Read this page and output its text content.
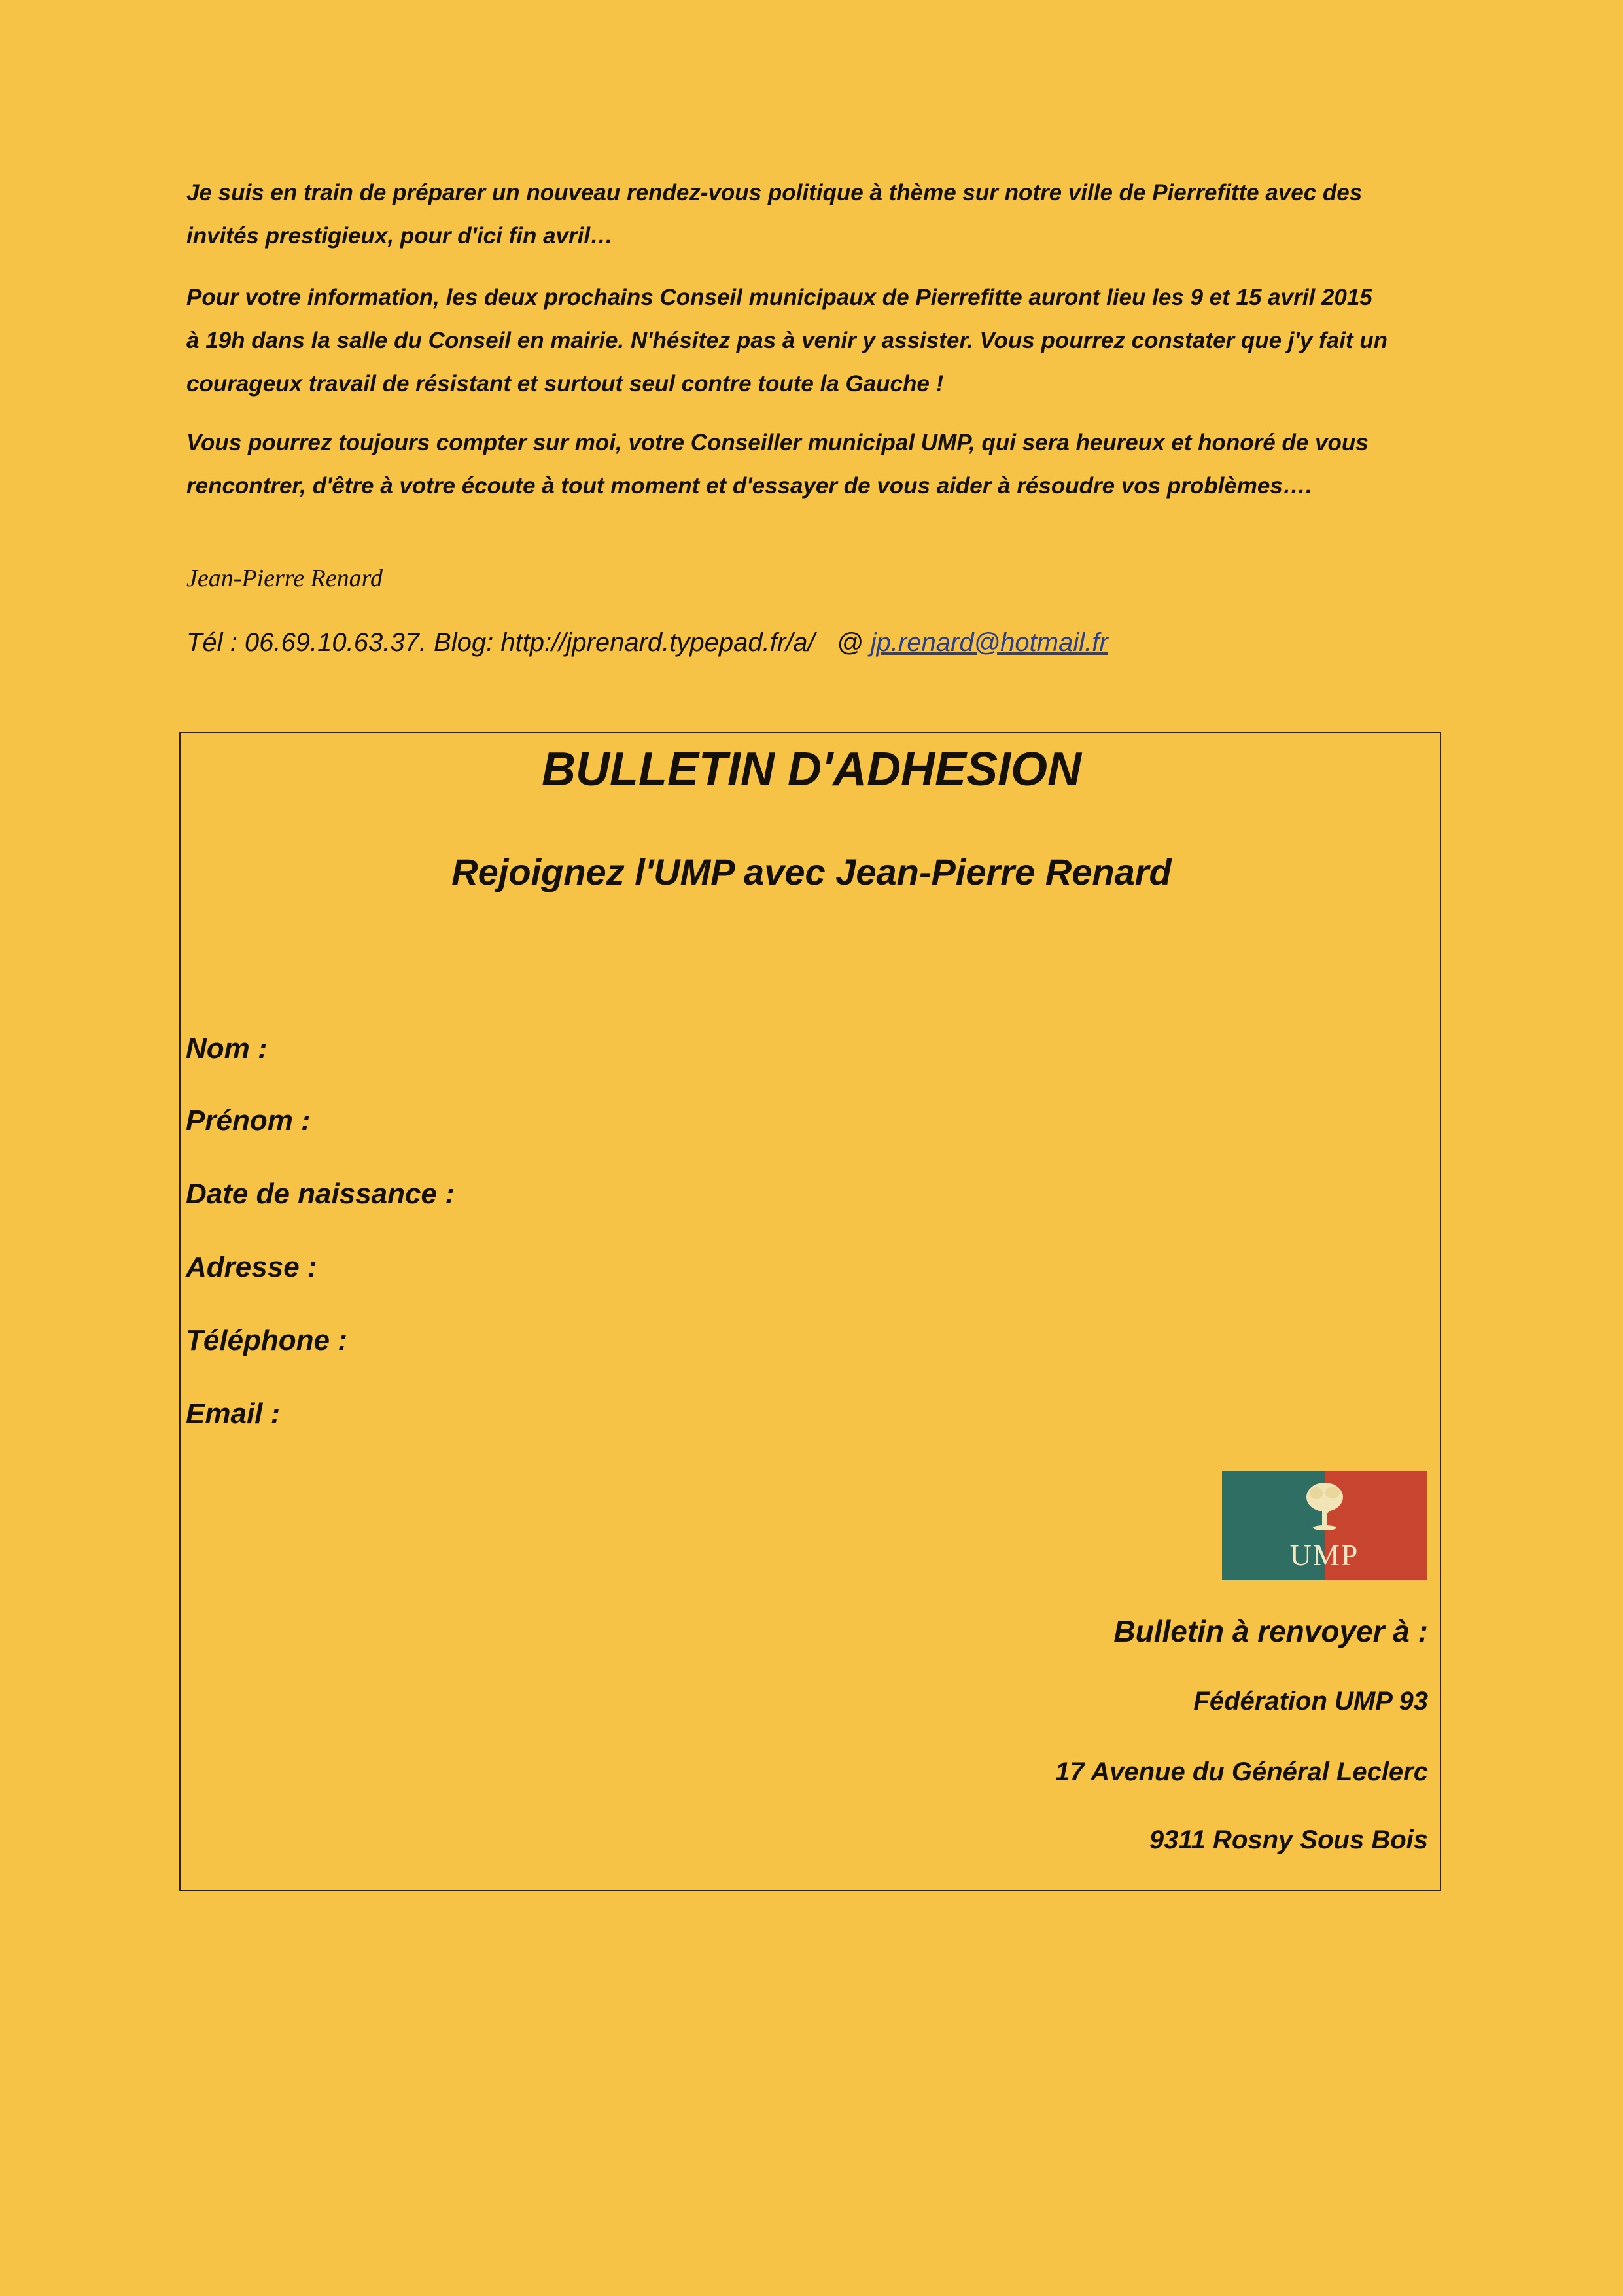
Je suis en train de préparer un nouveau rendez-vous politique à thème sur notre ville de Pierrefitte avec des
invités prestigieux, pour d'ici fin avril…

Pour votre information, les deux prochains Conseil municipaux de Pierrefitte auront lieu les 9 et 15 avril 2015
à 19h dans la salle du Conseil en mairie. N'hésitez pas à venir y assister. Vous pourrez constater que j'y fait un
courageux travail de résistant et surtout seul contre toute la Gauche !

Vous pourrez toujours compter sur moi, votre Conseiller municipal UMP, qui sera heureux et honoré de vous
rencontrer, d'être à votre écoute à tout moment et d'essayer de vous aider à résoudre vos problèmes….

Jean-Pierre Renard

Tél : 06.69.10.63.37. Blog: http://jprenard.typepad.fr/a/   @ jp.renard@hotmail.fr

BULLETIN D'ADHESION
Rejoignez l'UMP avec Jean-Pierre Renard

Nom :

Prénom :

Date de naissance :

Adresse :

Téléphone :

Email :

UMP

Bulletin à renvoyer à :

Fédération UMP 93

17 Avenue du Général Leclerc

9311 Rosny Sous Bois
